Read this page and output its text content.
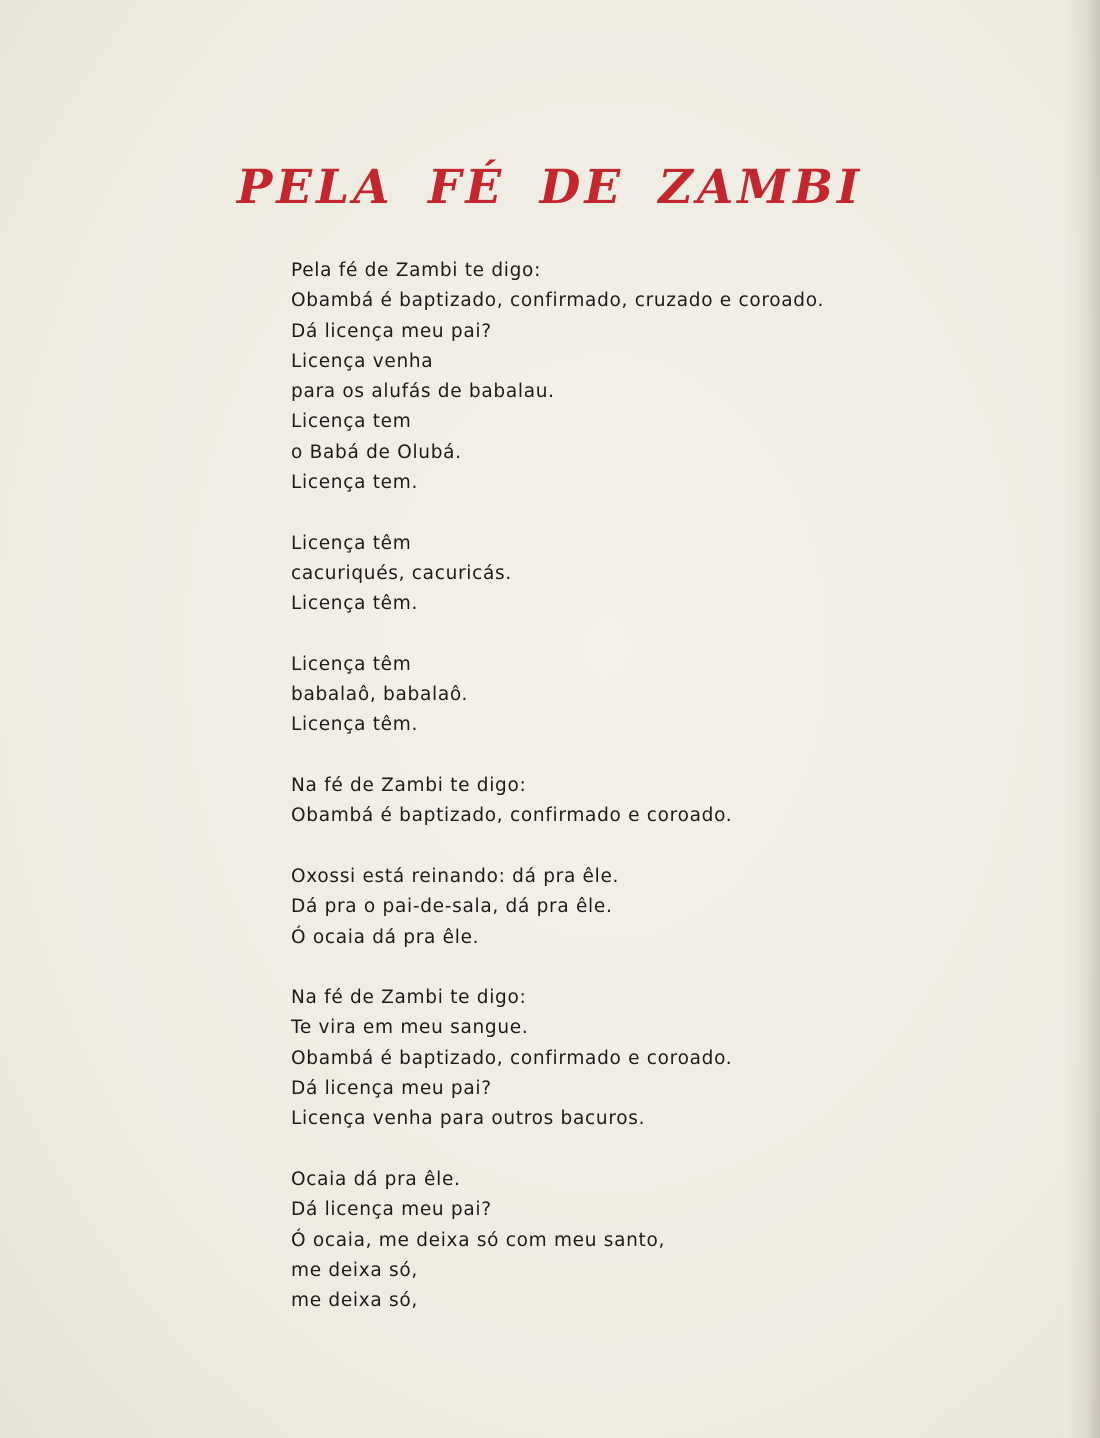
PELA FÉ DE ZAMBI
Pela fé de Zambi te digo:
Obambá é baptizado, confirmado, cruzado e coroado.
Dá licença meu pai?
Licença venha
para os alufás de babalau.
Licença tem
o Babá de Olubá.
Licença tem.
Licença têm
cacuriqués, cacuricás.
Licença têm.
Licença têm
babalaô, babalaô.
Licença têm.
Na fé de Zambi te digo:
Obambá é baptizado, confirmado e coroado.
Oxossi está reinando: dá pra êle.
Dá pra o pai-de-sala, dá pra êle.
Ó ocaia dá pra êle.
Na fé de Zambi te digo:
Te vira em meu sangue.
Obambá é baptizado, confirmado e coroado.
Dá licença meu pai?
Licença venha para outros bacuros.
Ocaia dá pra êle.
Dá licença meu pai?
Ó ocaia, me deixa só com meu santo,
me deixa só,
me deixa só,
